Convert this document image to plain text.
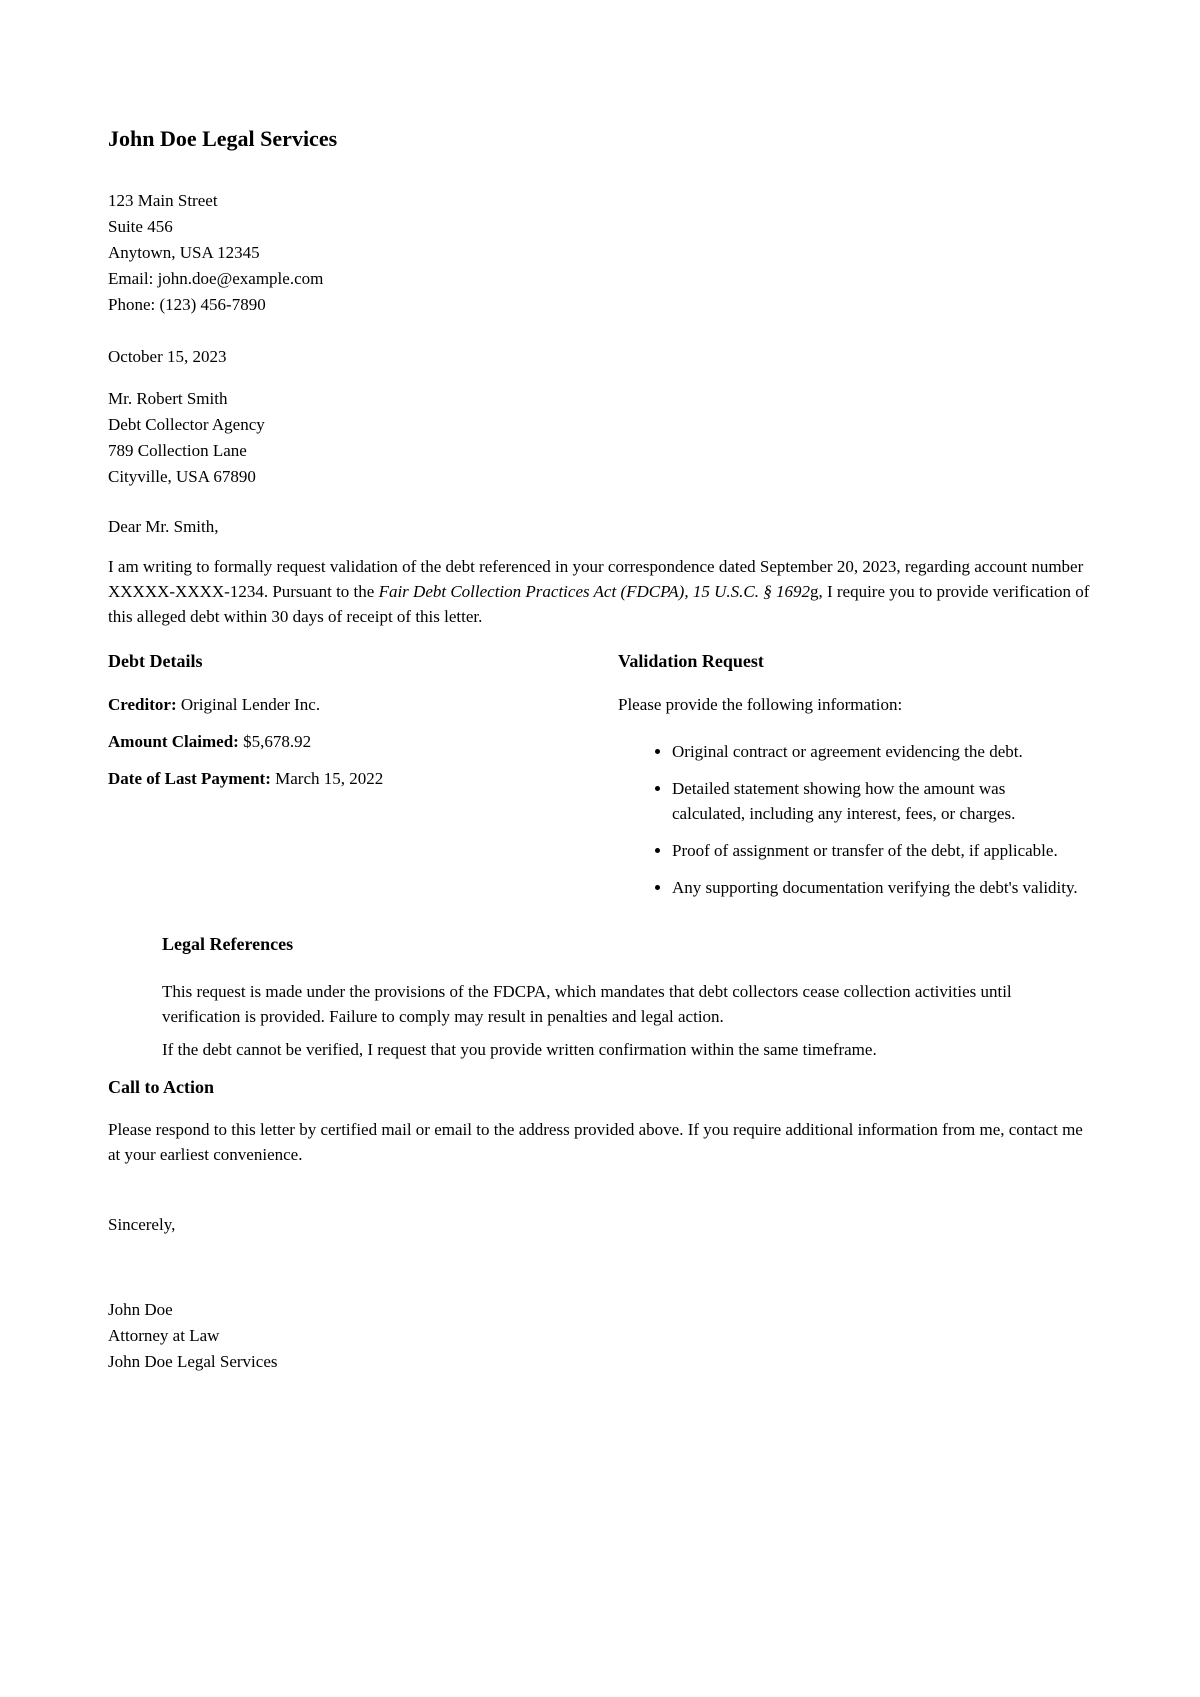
John Doe Legal Services
123 Main Street
Suite 456
Anytown, USA 12345
Email: john.doe@example.com
Phone: (123) 456-7890

October 15, 2023

Mr. Robert Smith
Debt Collector Agency
789 Collection Lane
Cityville, USA 67890

Dear Mr. Smith,

I am writing to formally request validation of the debt referenced in your correspondence dated September 20, 2023, regarding account number XXXXX-XXXX-1234. Pursuant to the Fair Debt Collection Practices Act (FDCPA), 15 U.S.C. § 1692g, I require you to provide verification of this alleged debt within 30 days of receipt of this letter.

Debt Details

Creditor: Original Lender Inc.

Amount Claimed: $5,678.92

Date of Last Payment: March 15, 2022

Validation Request

Please provide the following information:

• Original contract or agreement evidencing the debt.
• Detailed statement showing how the amount was calculated, including any interest, fees, or charges.
• Proof of assignment or transfer of the debt, if applicable.
• Any supporting documentation verifying the debt's validity.
Legal References

This request is made under the provisions of the FDCPA, which mandates that debt collectors cease collection activities until verification is provided. Failure to comply may result in penalties and legal action.

If the debt cannot be verified, I request that you provide written confirmation within the same timeframe.

Call to Action

Please respond to this letter by certified mail or email to the address provided above. If you require additional information from me, contact me at your earliest convenience.

Sincerely,

John Doe
Attorney at Law
John Doe Legal Services
